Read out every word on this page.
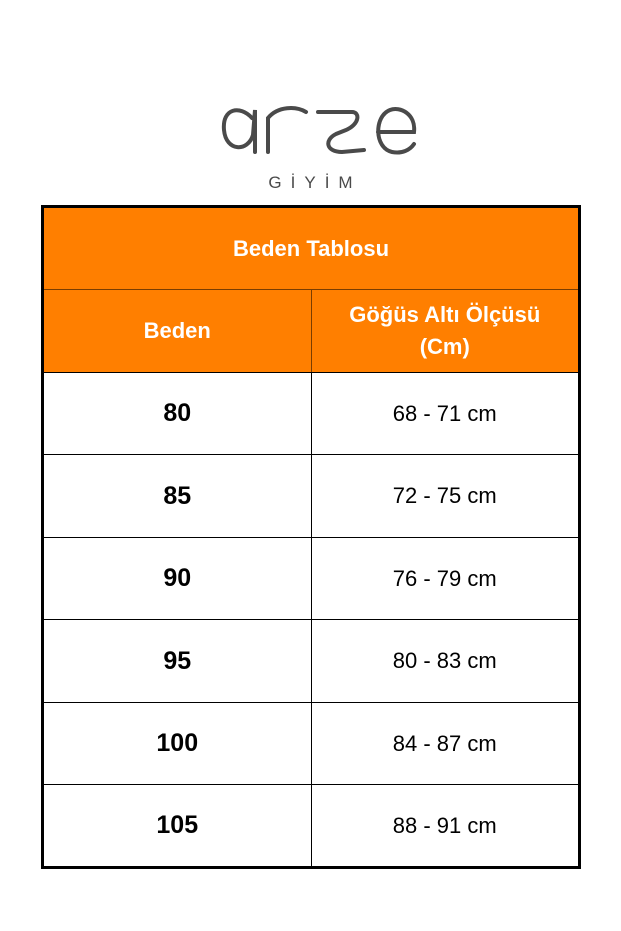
GİYİM
Beden Tablosu	
Beden	Göğüs Altı Ölçüsü
(Cm)

80	68 - 71 cm
85	72 - 75 cm
90	76 - 79 cm
95	80 - 83 cm
100	84 - 87 cm
105	88 - 91 cm
